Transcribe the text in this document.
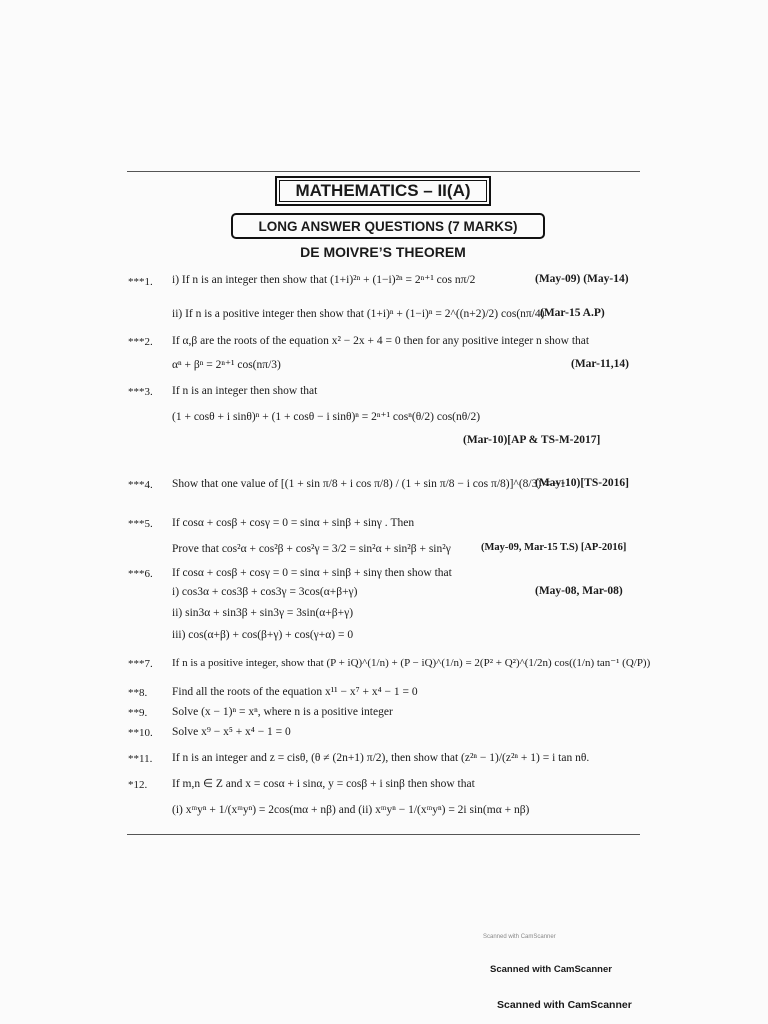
MATHEMATICS – II(A)
LONG ANSWER QUESTIONS (7 MARKS)
DE MOIVRE’S THEOREM
***1. i) If n is an integer then show that (1+i)²ⁿ + (1−i)²ⁿ = 2ⁿ⁺¹ cos nπ/2	(May-09) (May-14)
ii) If n is a positive integer then show that (1+i)ⁿ + (1−i)ⁿ = 2^((n+2)/2) cos(nπ/4)
(Mar-15 A.P)
***2. If α,β are the roots of the equation x² − 2x + 4 = 0 then for any positive integer n show that
αⁿ + βⁿ = 2ⁿ⁺¹ cos(nπ/3)	(Mar-11,14)
***3. If n is an integer then show that
(1 + cosθ + i sinθ)ⁿ + (1 + cosθ − i sinθ)ⁿ = 2ⁿ⁺¹ cosⁿ(θ/2) cos(nθ/2)
(Mar-10)[AP & TS-M-2017]
***4. Show that one value of [(1 + sin π/8 + i cos π/8) / (1 + sin π/8 − i cos π/8)]^(8/3) = −1
(May-10)[TS-2016]
***5. If cosα + cosβ + cosγ = 0 = sinα + sinβ + sinγ . Then
Prove that cos²α + cos²β + cos²γ = 3/2 = sin²α + sin²β + sin²γ	(May-09, Mar-15 T.S) [AP-2016]
***6. If cosα + cosβ + cosγ = 0 = sinα + sinβ + sinγ then show that
i) cos3α + cos3β + cos3γ = 3cos(α+β+γ)	(May-08, Mar-08)
ii) sin3α + sin3β + sin3γ = 3sin(α+β+γ)
iii) cos(α+β) + cos(β+γ) + cos(γ+α) = 0
***7. If n is a positive integer, show that (P + iQ)^(1/n) + (P − iQ)^(1/n) = 2(P² + Q²)^(1/2n) cos((1/n) tan⁻¹ (Q/P))
**8. Find all the roots of the equation x¹¹ − x⁷ + x⁴ − 1 = 0
**9. Solve (x − 1)ⁿ = xⁿ, where n is a positive integer
**10. Solve x⁹ − x⁵ + x⁴ − 1 = 0
**11. If n is an integer and z = cisθ, (θ ≠ (2n+1) π/2), then show that (z²ⁿ − 1)/(z²ⁿ + 1) = i tan nθ.
*12. If m,n ∈ Z and x = cosα + i sinα, y = cosβ + i sinβ then show that
(i) xᵐyⁿ + 1/(xᵐyⁿ) = 2cos(mα + nβ) and (ii) xᵐyⁿ − 1/(xᵐyⁿ) = 2i sin(mα + nβ)
Scanned with CamScanner
Scanned with CamScanner
Scanned with CamScanner
